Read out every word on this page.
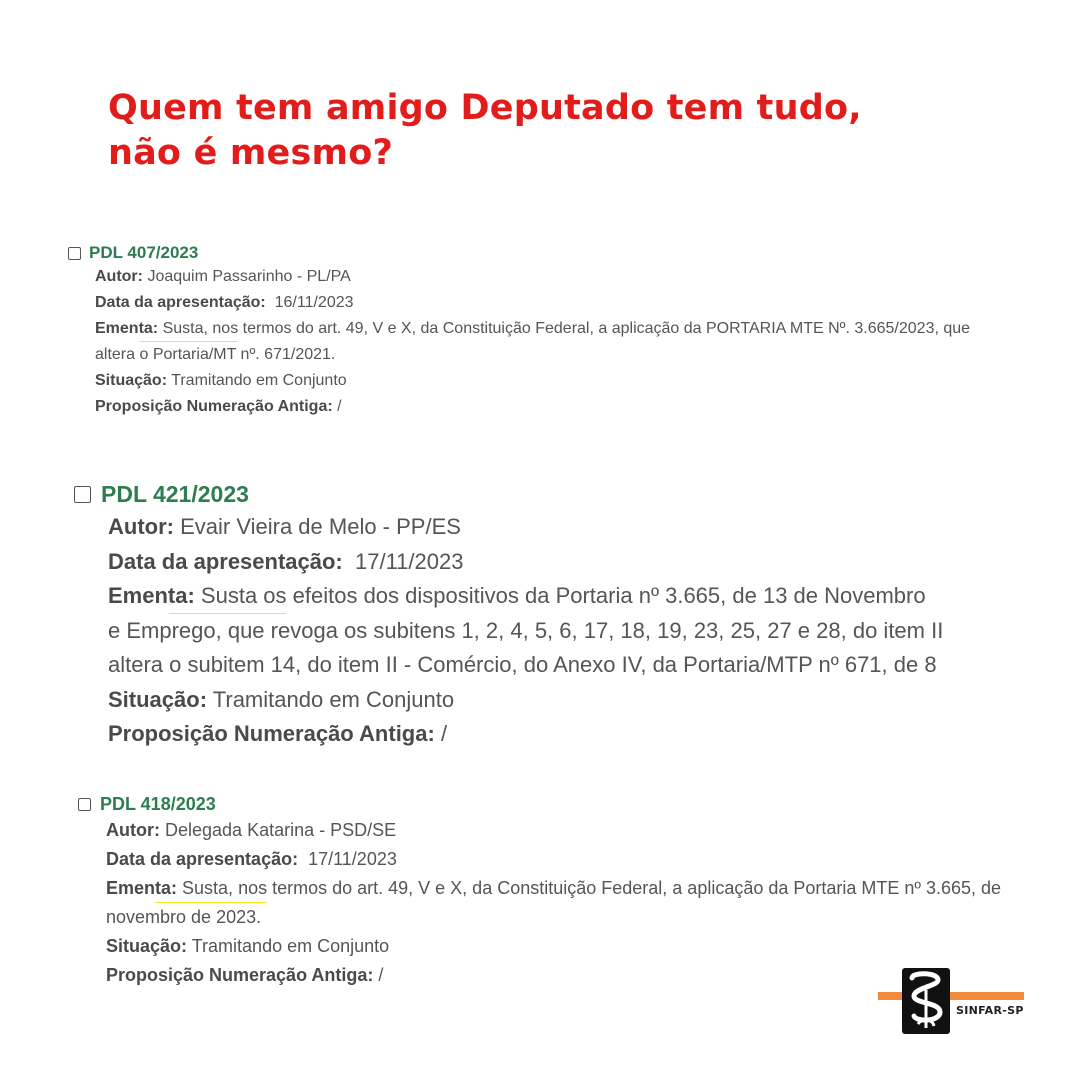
Quem tem amigo Deputado tem tudo,
não é mesmo?
PDL 407/2023
Autor: Joaquim Passarinho - PL/PA
Data da apresentação: 16/11/2023
Ementa: Susta, nos termos do art. 49, V e X, da Constituição Federal, a aplicação da PORTARIA MTE Nº. 3.665/2023, que
altera o Portaria/MT nº. 671/2021.
Situação: Tramitando em Conjunto
Proposição Numeração Antiga: /
PDL 421/2023
Autor: Evair Vieira de Melo - PP/ES
Data da apresentação: 17/11/2023
Ementa: Susta os efeitos dos dispositivos da Portaria nº 3.665, de 13 de Novembro
e Emprego, que revoga os subitens 1, 2, 4, 5, 6, 17, 18, 19, 23, 25, 27 e 28, do item II
altera o subitem 14, do item II - Comércio, do Anexo IV, da Portaria/MTP nº 671, de 8
Situação: Tramitando em Conjunto
Proposição Numeração Antiga: /
PDL 418/2023
Autor: Delegada Katarina - PSD/SE
Data da apresentação: 17/11/2023
Ementa: Susta, nos termos do art. 49, V e X, da Constituição Federal, a aplicação da Portaria MTE nº 3.665, de
novembro de 2023.
Situação: Tramitando em Conjunto
Proposição Numeração Antiga: /
SINFAR-SP
